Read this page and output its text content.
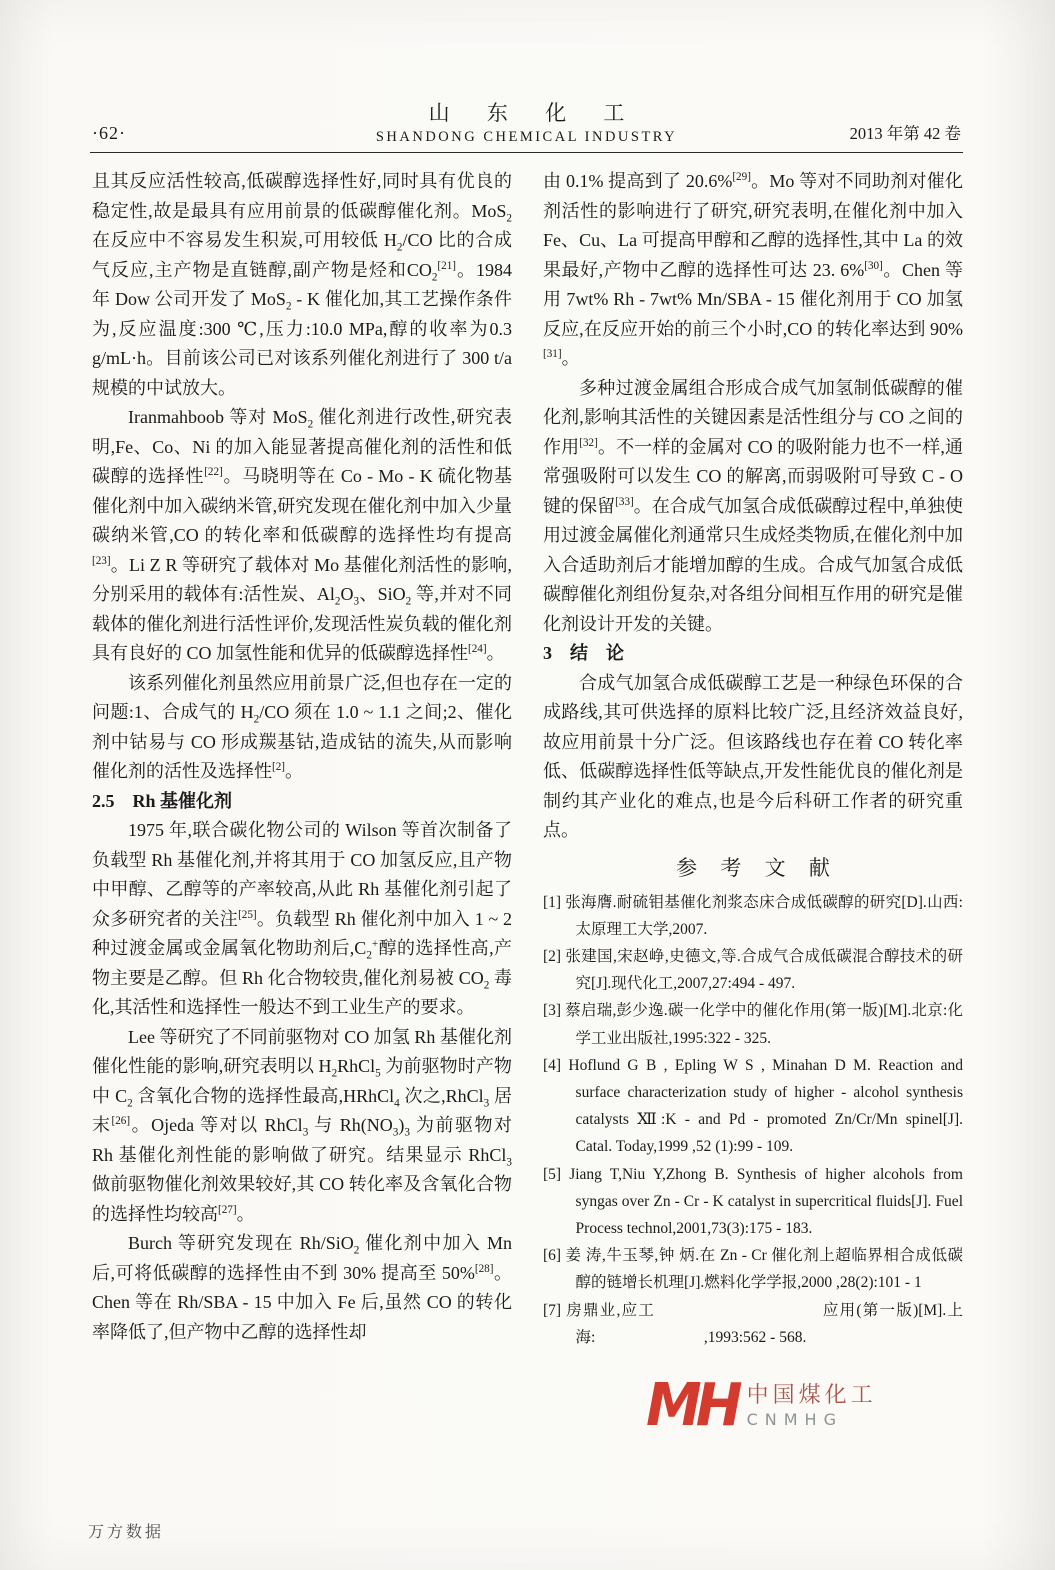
·62·
山 东 化 工
SHANDONG CHEMICAL INDUSTRY	2013 年第 42 卷

且其反应活性较高,低碳醇选择性好,同时具有优良的稳定性,故是最具有应用前景的低碳醇催化剂。MoS$_2$在反应中不容易发生积炭,可用较低 $H_2/CO$ 比的合成气反应,主产物是直链醇,副产物是烃和$CO_2[21]$。1984 年 Dow 公司开发了 MoS$_2$ - K 催化加,其工艺操作条件为,反应温度:300 ℃,压力:10.0 MPa,醇的收率为0.3 g/mL·h。目前该公司已对该系列催化剂进行了 300 t/a 规模的中试放大。

Iranmahboob 等对 MoS$_2$ 催化剂进行改性,研究表明,Fe、Co、Ni 的加入能显著提高催化剂的活性和低碳醇的选择性[22]。马晓明等在 Co - Mo - K 硫化物基催化剂中加入碳纳米管,研究发现在催化剂中加入少量碳纳米管,CO 的转化率和低碳醇的选择性均有提高[23]。Li Z R 等研究了载体对 Mo 基催化剂活性的影响,分别采用的载体有:活性炭、$Al_2O_3$、SiO$_2$ 等,并对不同载体的催化剂进行活性评价,发现活性炭负载的催化剂具有良好的 CO 加氢性能和优异的低碳醇选择性[24]。

该系列催化剂虽然应用前景广泛,但也存在一定的问题:1、合成气的 $H_2/CO$ 须在 1.0 ~ 1.1 之间;2、催化剂中钴易与 CO 形成羰基钴,造成钴的流失,从而影响催化剂的活性及选择性[2]。

2.5　Rh 基催化剂

1975 年,联合碳化物公司的 Wilson 等首次制备了负载型 Rh 基催化剂,并将其用于 CO 加氢反应,且产物中甲醇、乙醇等的产率较高,从此 Rh 基催化剂引起了众多研究者的关注[25]。负载型 Rh 催化剂中加入 1 ~ 2 种过渡金属或金属氧化物助剂后$,C_2^+$醇的选择性高,产物主要是乙醇。但 Rh 化合物较贵,催化剂易被 $CO_2$ 毒化,其活性和选择性一般达不到工业生产的要求。

Lee 等研究了不同前驱物对 CO 加氢 Rh 基催化剂催化性能的影响,研究表明以 $H_2RhCl_5$ 为前驱物时产物中 $C_2$ 含氧化合物的选择性最高,HRhCl$_4$ 次之,RhCl$_3$ 居末[26]。Ojeda 等对以 RhCl$_3$ 与 $Rh(NO_3)_3$ 为前驱物对 Rh 基催化剂性能的影响做了研究。结果显示 RhCl$_3$ 做前驱物催化剂效果较好,其 CO 转化率及含氧化合物的选择性均较高[27]。

Burch 等研究发现在 Rh/SiO$_2$ 催化剂中加入 Mn 后,可将低碳醇的选择性由不到 30% 提高至 50%[28]。Chen 等在 Rh/SBA - 15 中加入 Fe 后,虽然 CO 的转化率降低了,但产物中乙醇的选择性却

由 0.1% 提高到了 20.6%[29]。Mo 等对不同助剂对催化剂活性的影响进行了研究,研究表明,在催化剂中加入 Fe、Cu、La 可提高甲醇和乙醇的选择性,其中 La 的效果最好,产物中乙醇的选择性可达 23. 6%[30]。Chen 等用 7wt% Rh - 7wt% Mn/SBA - 15 催化剂用于 CO 加氢反应,在反应开始的前三个小时,CO 的转化率达到 90%[31]。

多种过渡金属组合形成合成气加氢制低碳醇的催化剂,影响其活性的关键因素是活性组分与 CO 之间的作用[32]。不一样的金属对 CO 的吸附能力也不一样,通常强吸附可以发生 CO 的解离,而弱吸附可导致 C - O 键的保留[33]。在合成气加氢合成低碳醇过程中,单独使用过渡金属催化剂通常只生成烃类物质,在催化剂中加入合适助剂后才能增加醇的生成。合成气加氢合成低碳醇催化剂组份复杂,对各组分间相互作用的研究是催化剂设计开发的关键。

3　结　论

合成气加氢合成低碳醇工艺是一种绿色环保的合成路线,其可供选择的原料比较广泛,且经济效益良好,故应用前景十分广泛。但该路线也存在着 CO 转化率低、低碳醇选择性低等缺点,开发性能优良的催化剂是制约其产业化的难点,也是今后科研工作者的研究重点。

参 考 文 献
[1] 张海膺.耐硫钼基催化剂浆态床合成低碳醇的研究[D].山西:太原理工大学,2007.
[2] 张建国,宋赵峥,史德文,等.合成气合成低碳混合醇技术的研究[J].现代化工,2007,27:494 - 497.
[3] 蔡启瑞,彭少逸.碳一化学中的催化作用(第一版)[M].北京:化学工业出版社,1995:322 - 325.
[4] Hoflund G B , Epling W S , Minahan D M. Reaction and surface characterization study of higher - alcohol synthesis catalysts Ⅻ:K - and Pd - promoted Zn/Cr/Mn spinel[J]. Catal. Today,1999 ,52 (1):99 - 109.
[5] Jiang T,Niu Y,Zhong B. Synthesis of higher alcohols from syngas over Zn - Cr - K catalyst in supercritical fluids[J]. Fuel Process technol,2001,73(3):175 - 183.
[6] 姜 涛,牛玉琴,钟 炳.在 Zn - Cr 催化剂上超临界相合成低碳醇的链增长机理[J].燃料化学学报,2000 ,28(2):101 - 1
[7] 房鼎业,应工　　　　　　　　　　应用(第一版)[M].上海:　　　　　　　,1993:562 - 568.
MH 中国煤化工
CNMHG
万方数据
